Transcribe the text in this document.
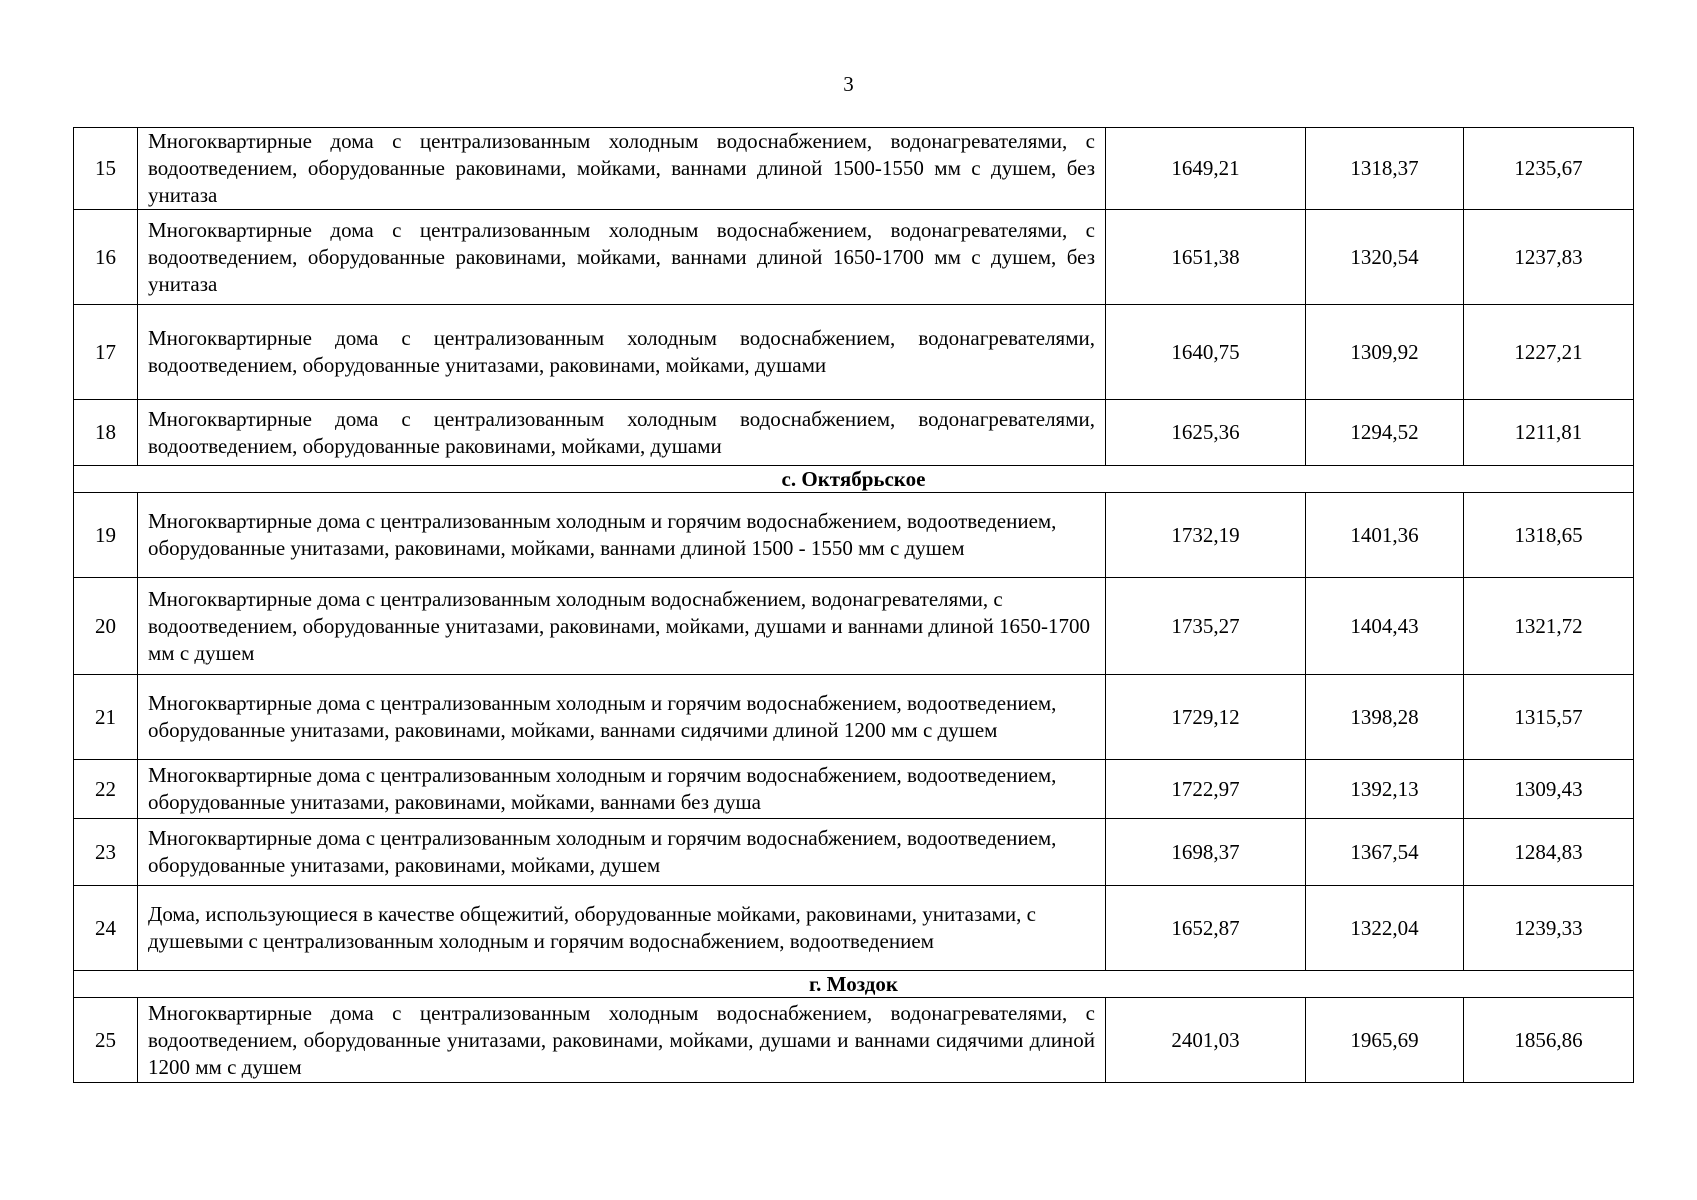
3
15	Многоквартирные дома с централизованным холодным водоснабжением, водонагревателями, с водоотведением, оборудованные раковинами, мойками, ваннами длиной 1500-1550 мм с душем, без унитаза	1649,21	1318,37	1235,67
16	Многоквартирные дома с централизованным холодным водоснабжением, водонагревателями, с водоотведением, оборудованные раковинами, мойками, ваннами длиной 1650-1700 мм с душем, без унитаза	1651,38	1320,54	1237,83
17	Многоквартирные дома с централизованным холодным водоснабжением, водонагревателями, водоотведением, оборудованные унитазами, раковинами, мойками, душами	1640,75	1309,92	1227,21
18	Многоквартирные дома с централизованным холодным водоснабжением, водонагревателями, водоотведением, оборудованные раковинами, мойками, душами	1625,36	1294,52	1211,81
с. Октябрьское				
19	Многоквартирные дома с централизованным холодным и горячим водоснабжением, водоотведением, оборудованные унитазами, раковинами, мойками, ваннами длиной 1500 - 1550 мм с душем	1732,19	1401,36	1318,65
20	Многоквартирные дома с централизованным холодным водоснабжением, водонагревателями, с водоотведением, оборудованные унитазами, раковинами, мойками, душами и ваннами длиной 1650-1700 мм с душем	1735,27	1404,43	1321,72
21	Многоквартирные дома с централизованным холодным и горячим водоснабжением, водоотведением, оборудованные унитазами, раковинами, мойками, ваннами сидячими длиной 1200 мм с душем	1729,12	1398,28	1315,57
22	Многоквартирные дома с централизованным холодным и горячим водоснабжением, водоотведением, оборудованные унитазами, раковинами, мойками, ваннами без душа	1722,97	1392,13	1309,43
23	Многоквартирные дома с централизованным холодным и горячим водоснабжением, водоотведением, оборудованные унитазами, раковинами, мойками, душем	1698,37	1367,54	1284,83
24	Дома, использующиеся в качестве общежитий, оборудованные мойками, раковинами, унитазами, с душевыми с централизованным холодным и горячим водоснабжением, водоотведением	1652,87	1322,04	1239,33
г. Моздок				
25	Многоквартирные дома с централизованным холодным водоснабжением, водонагревателями, с водоотведением, оборудованные унитазами, раковинами, мойками, душами и ваннами сидячими длиной 1200 мм с душем	2401,03	1965,69	1856,86
